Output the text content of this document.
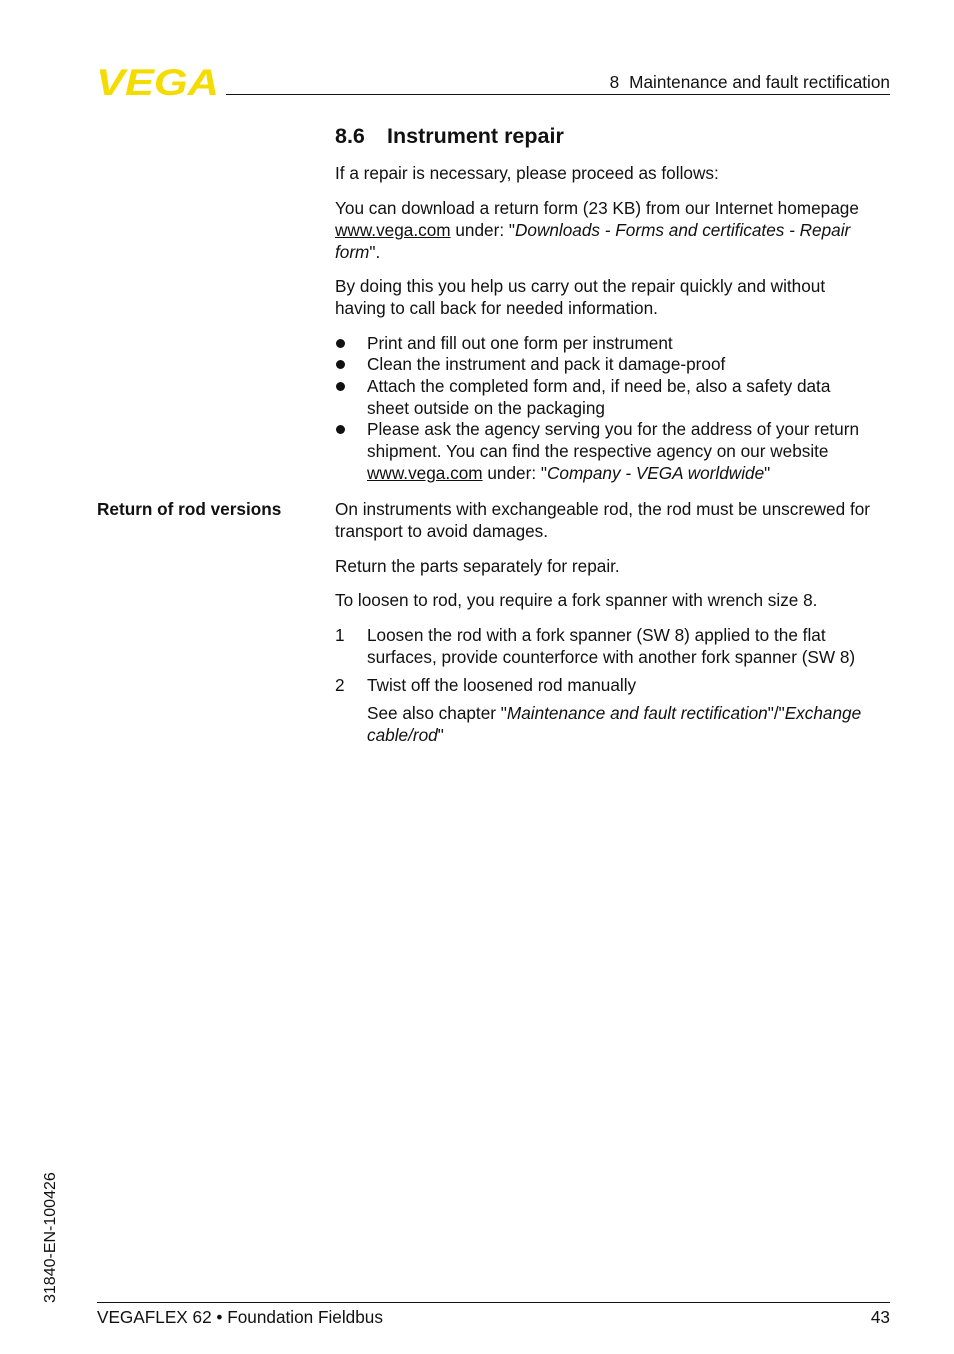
VEGA	8 Maintenance and fault rectification
8.6 Instrument repair

If a repair is necessary, please proceed as follows:

You can download a return form (23 KB) from our Internet homepage www.vega.com under: "Downloads - Forms and certificates - Repair form".

By doing this you help us carry out the repair quickly and without having to call back for needed information.

Print and fill out one form per instrument
Clean the instrument and pack it damage-proof
Attach the completed form and, if need be, also a safety data sheet outside on the packaging
Please ask the agency serving you for the address of your return shipment. You can find the respective agency on our website www.vega.com under: "Company - VEGA worldwide"
Return of rod versions	On instruments with exchangeable rod, the rod must be unscrewed for transport to avoid damages.

Return the parts separately for repair.

To loosen to rod, you require a fork spanner with wrench size 8.

1 Loosen the rod with a fork spanner (SW 8) applied to the flat surfaces, provide counterforce with another fork spanner (SW 8)
2 Twist off the loosened rod manually

See also chapter "Maintenance and fault rectification"/"Exchange cable/rod"

31840-EN-100426
VEGAFLEX 62 • Foundation Fieldbus	43
